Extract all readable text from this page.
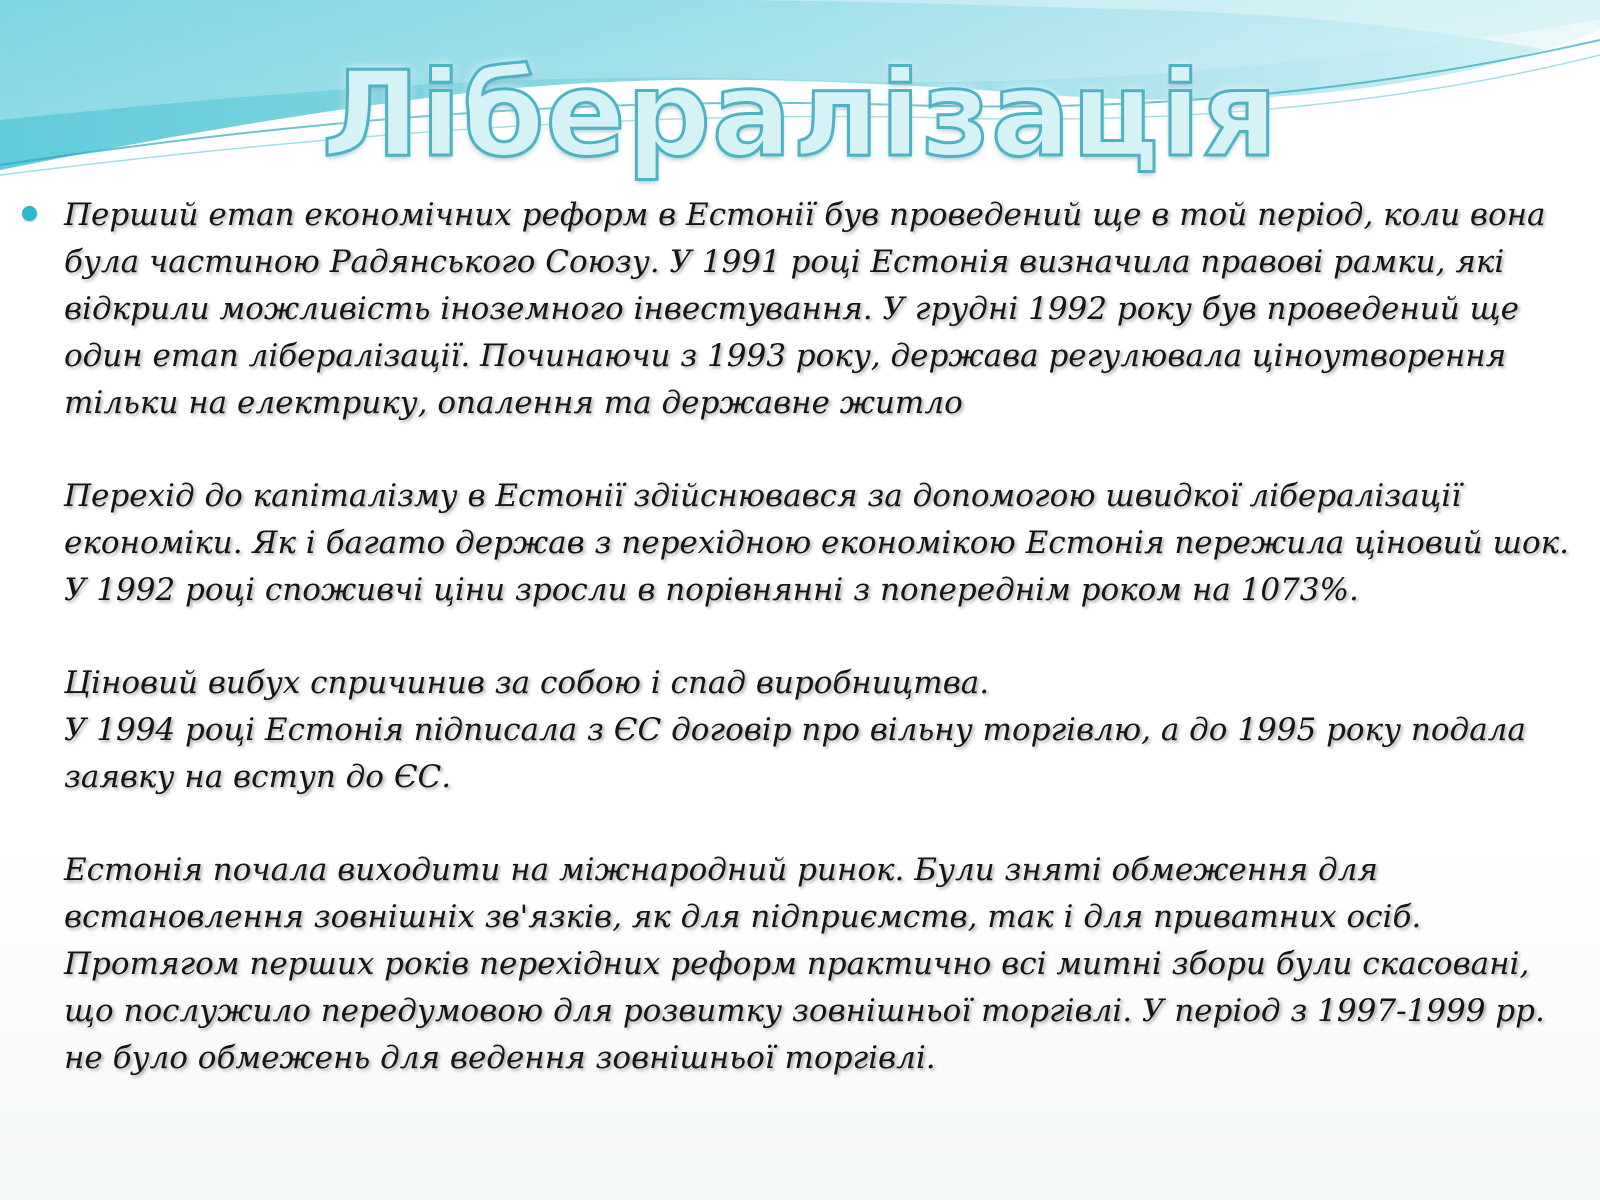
Лібералізація

Перший етап економічних реформ в Естонії був проведений ще в той період, коли вона була частиною Радянського Союзу. У 1991 році Естонія визначила правові рамки, які відкрили можливість іноземного інвестування. У грудні 1992 року був проведений ще один етап лібералізації. Починаючи з 1993 року, держава регулювала ціноутворення тільки на електрику, опалення та державне житло

Перехід до капіталізму в Естонії здійснювався за допомогою швидкої лібералізації економіки. Як і багато держав з перехідною економікою Естонія пережила ціновий шок. У 1992 році споживчі ціни зросли в порівнянні з попереднім роком на 1073%.

Ціновий вибух спричинив за собою і спад виробництва.
У 1994 році Естонія підписала з ЄС договір про вільну торгівлю, а до 1995 року подала заявку на вступ до ЄС.

Естонія почала виходити на міжнародний ринок. Були зняті обмеження для встановлення зовнішніх зв'язків, як для підприємств, так і для приватних осіб. Протягом перших років перехідних реформ практично всі митні збори були скасовані, що послужило передумовою для розвитку зовнішньої торгівлі. У період з 1997-1999 рр. не було обмежень для ведення зовнішньої торгівлі.
